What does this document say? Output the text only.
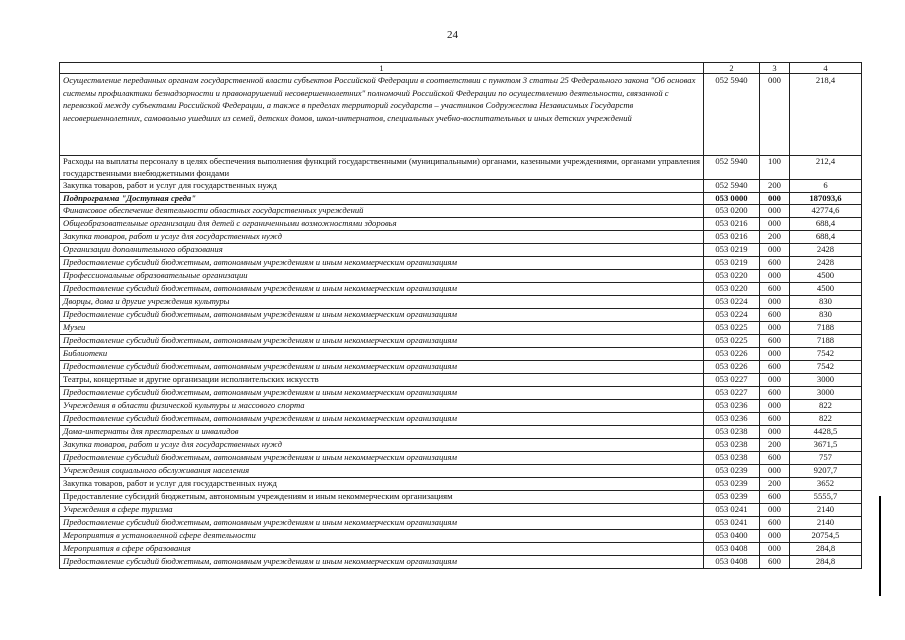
24
1	2	3	4
Осуществление переданных органам государственной власти субъектов Российской Федерации в соответствии с пунктом 3 статьи 25 Федерального закона "Об основах системы профилактики безнадзорности и правонарушений несовершеннолетних" полномочий Российской Федерации по осуществлению деятельности, связанной с перевозкой между субъектами Российской Федерации, а также в пределах территорий государств – участников Содружества Независимых Государств несовершеннолетних, самовольно ушедших из семей, детских домов, школ-интернатов, специальных учебно-воспитательных и иных детских учреждений	052 5940	000	218,4
Расходы на выплаты персоналу в целях обеспечения выполнения функций государственными (муниципальными) органами, казенными учреждениями, органами управления государственными внебюджетными фондами	052 5940	100	212,4
Закупка товаров, работ и услуг для государственных нужд	052 5940	200	6
Подпрограмма "Доступная среда"	053 0000	000	187093,6
Финансовое обеспечение деятельности областных государственных учреждений	053 0200	000	42774,6
Общеобразовательные организации для детей с ограниченными возможностями здоровья	053 0216	000	688,4
Закупка товаров, работ и услуг для государственных нужд	053 0216	200	688,4
Организации дополнительного образования	053 0219	000	2428
Предоставление субсидий бюджетным, автономным учреждениям и иным некоммерческим организациям	053 0219	600	2428
Профессиональные образовательные организации	053 0220	000	4500
Предоставление субсидий бюджетным, автономным учреждениям и иным некоммерческим организациям	053 0220	600	4500
Дворцы, дома и другие учреждения культуры	053 0224	000	830
Предоставление субсидий бюджетным, автономным учреждениям и иным некоммерческим организациям	053 0224	600	830
Музеи	053 0225	000	7188
Предоставление субсидий бюджетным, автономным учреждениям и иным некоммерческим организациям	053 0225	600	7188
Библиотеки	053 0226	000	7542
Предоставление субсидий бюджетным, автономным учреждениям и иным некоммерческим организациям	053 0226	600	7542
Театры, концертные и другие организации исполнительских искусств	053 0227	000	3000
Предоставление субсидий бюджетным, автономным учреждениям и иным некоммерческим организациям	053 0227	600	3000
Учреждения в области физической культуры и массового спорта	053 0236	000	822
Предоставление субсидий бюджетным, автономным учреждениям и иным некоммерческим организациям	053 0236	600	822
Дома-интернаты для престарелых и инвалидов	053 0238	000	4428,5
Закупка товаров, работ и услуг для государственных нужд	053 0238	200	3671,5
Предоставление субсидий бюджетным, автономным учреждениям и иным некоммерческим организациям	053 0238	600	757
Учреждения социального обслуживания населения	053 0239	000	9207,7
Закупка товаров, работ и услуг для государственных нужд	053 0239	200	3652
Предоставление субсидий бюджетным, автономным учреждениям и иным некоммерческим организациям	053 0239	600	5555,7
Учреждения в сфере туризма	053 0241	000	2140
Предоставление субсидий бюджетным, автономным учреждениям и иным некоммерческим организациям	053 0241	600	2140
Мероприятия в установленной сфере деятельности	053 0400	000	20754,5
Мероприятия в сфере образования	053 0408	000	284,8
Предоставление субсидий бюджетным, автономным учреждениям и иным некоммерческим организациям	053 0408	600	284,8
